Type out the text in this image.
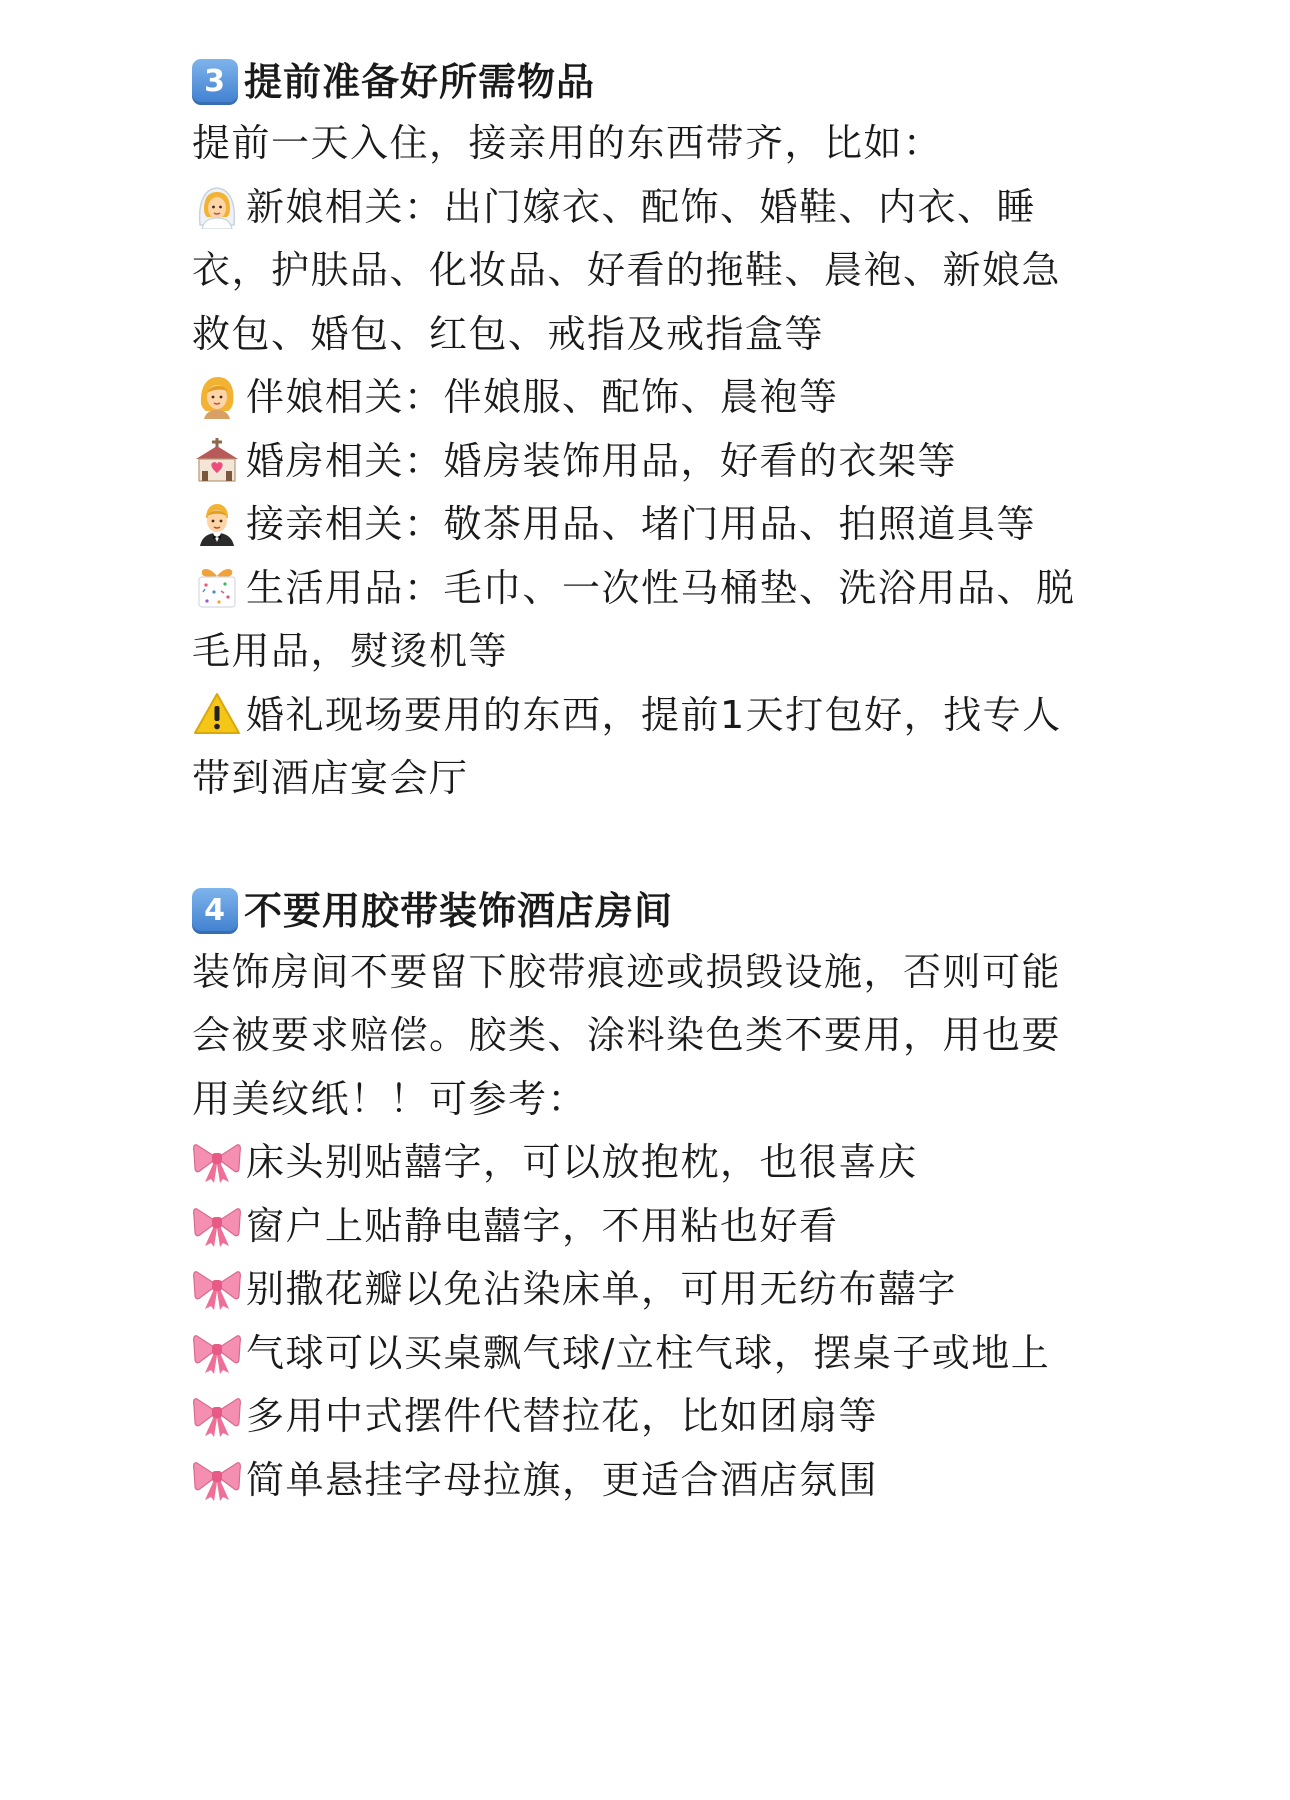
3 提前准备好所需物品

提前一天入住，接亲用的东西带齐，比如：

新娘相关：出门嫁衣、配饰、婚鞋、内衣、睡衣，护肤品、化妆品、好看的拖鞋、晨袍、新娘急救包、婚包、红包、戒指及戒指盒等

伴娘相关：伴娘服、配饰、晨袍等

婚房相关：婚房装饰用品，好看的衣架等

接亲相关：敬茶用品、堵门用品、拍照道具等

生活用品：毛巾、一次性马桶垫、洗浴用品、脱毛用品，熨烫机等

婚礼现场要用的东西，提前1天打包好，找专人带到酒店宴会厅

4 不要用胶带装饰酒店房间

装饰房间不要留下胶带痕迹或损毁设施，否则可能会被要求赔偿。胶类、涂料染色类不要用，用也要用美纹纸！！可参考：

床头别贴囍字，可以放抱枕，也很喜庆

窗户上贴静电囍字，不用粘也好看

别撒花瓣以免沾染床单，可用无纺布囍字

气球可以买桌飘气球/立柱气球，摆桌子或地上

多用中式摆件代替拉花，比如团扇等

简单悬挂字母拉旗，更适合酒店氛围
